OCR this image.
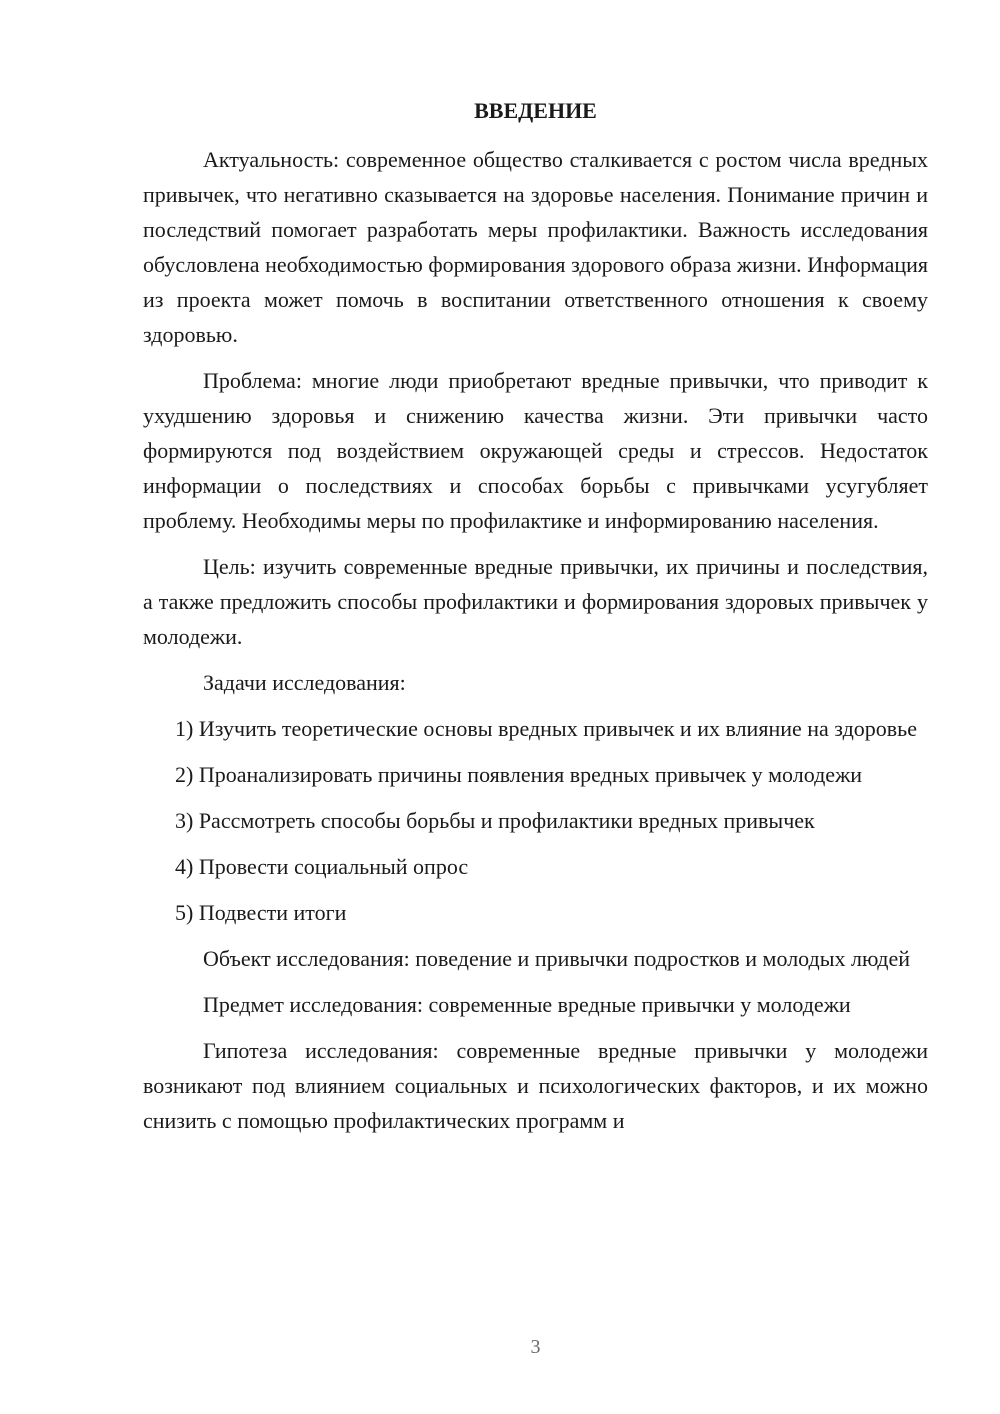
ВВЕДЕНИЕ

Актуальность: современное общество сталкивается с ростом числа вредных привычек, что негативно сказывается на здоровье населения. Понимание причин и последствий помогает разработать меры профилактики. Важность исследования обусловлена необходимостью формирования здорового образа жизни. Информация из проекта может помочь в воспитании ответственного отношения к своему здоровью.

Проблема: многие люди приобретают вредные привычки, что приводит к ухудшению здоровья и снижению качества жизни. Эти привычки часто формируются под воздействием окружающей среды и стрессов. Недостаток информации о последствиях и способах борьбы с привычками усугубляет проблему. Необходимы меры по профилактике и информированию населения.

Цель: изучить современные вредные привычки, их причины и последствия, а также предложить способы профилактики и формирования здоровых привычек у молодежи.

Задачи исследования:

1) Изучить теоретические основы вредных привычек и их влияние на здоровье

2) Проанализировать причины появления вредных привычек у молодежи

3) Рассмотреть способы борьбы и профилактики вредных привычек

4) Провести социальный опрос

5) Подвести итоги

Объект исследования: поведение и привычки подростков и молодых людей

Предмет исследования: современные вредные привычки у молодежи

Гипотеза исследования: современные вредные привычки у молодежи возникают под влиянием социальных и психологических факторов, и их можно снизить с помощью профилактических программ и

3
